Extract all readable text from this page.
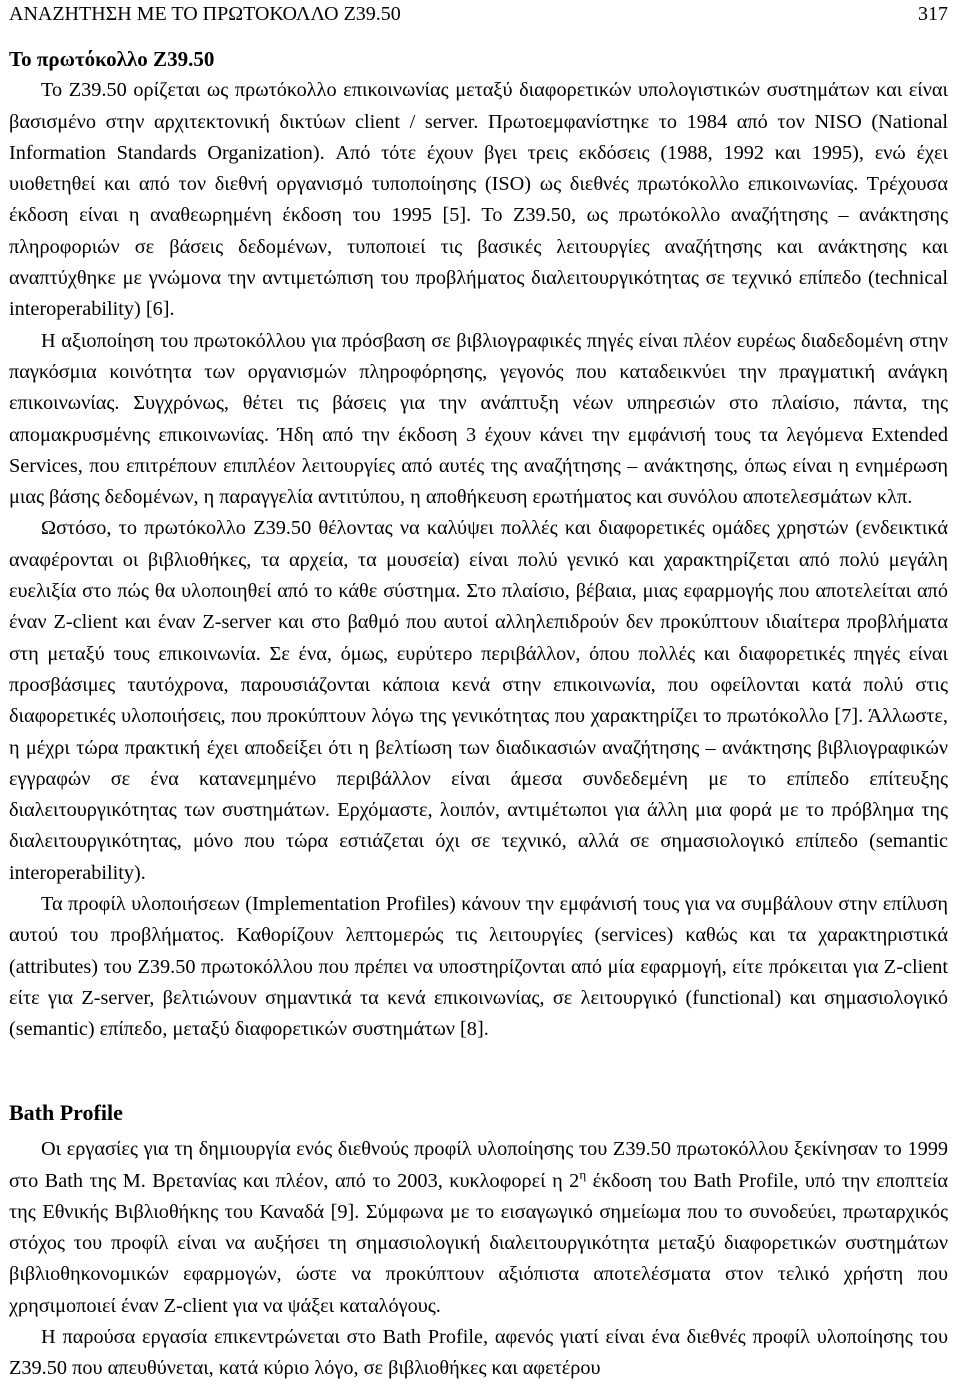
ΑΝΑΖΗΤΗΣΗ ΜΕ ΤΟ ΠΡΩΤΟΚΟΛΛΟ Z39.50	317
Το πρωτόκολλο Z39.50

Το Z39.50 ορίζεται ως πρωτόκολλο επικοινωνίας μεταξύ διαφορετικών υπολογιστικών συστημάτων και είναι βασισμένο στην αρχιτεκτονική δικτύων client / server. Πρωτοεμφανίστηκε το 1984 από τον NISO (National Information Standards Organization). Από τότε έχουν βγει τρεις εκδόσεις (1988, 1992 και 1995), ενώ έχει υιοθετηθεί και από τον διεθνή οργανισμό τυποποίησης (ISO) ως διεθνές πρωτόκολλο επικοινωνίας. Τρέχουσα έκδοση είναι η αναθεωρημένη έκδοση του 1995 [5]. Το Z39.50, ως πρωτόκολλο αναζήτησης – ανάκτησης πληροφοριών σε βάσεις δεδομένων, τυποποιεί τις βασικές λειτουργίες αναζήτησης και ανάκτησης και αναπτύχθηκε με γνώμονα την αντιμετώπιση του προβλήματος διαλειτουργικότητας σε τεχνικό επίπεδο (technical interoperability) [6].

Η αξιοποίηση του πρωτοκόλλου για πρόσβαση σε βιβλιογραφικές πηγές είναι πλέον ευρέως διαδεδομένη στην παγκόσμια κοινότητα των οργανισμών πληροφόρησης, γεγονός που καταδεικνύει την πραγματική ανάγκη επικοινωνίας. Συγχρόνως, θέτει τις βάσεις για την ανάπτυξη νέων υπηρεσιών στο πλαίσιο, πάντα, της απομακρυσμένης επικοινωνίας. Ήδη από την έκδοση 3 έχουν κάνει την εμφάνισή τους τα λεγόμενα Extended Services, που επιτρέπουν επιπλέον λειτουργίες από αυτές της αναζήτησης – ανάκτησης, όπως είναι η ενημέρωση μιας βάσης δεδομένων, η παραγγελία αντιτύπου, η αποθήκευση ερωτήματος και συνόλου αποτελεσμάτων κλπ.

Ωστόσο, το πρωτόκολλο Z39.50 θέλοντας να καλύψει πολλές και διαφορετικές ομάδες χρηστών (ενδεικτικά αναφέρονται οι βιβλιοθήκες, τα αρχεία, τα μουσεία) είναι πολύ γενικό και χαρακτηρίζεται από πολύ μεγάλη ευελιξία στο πώς θα υλοποιηθεί από το κάθε σύστημα. Στο πλαίσιο, βέβαια, μιας εφαρμογής που αποτελείται από έναν Z-client και έναν Z-server και στο βαθμό που αυτοί αλληλεπιδρούν δεν προκύπτουν ιδιαίτερα προβλήματα στη μεταξύ τους επικοινωνία. Σε ένα, όμως, ευρύτερο περιβάλλον, όπου πολλές και διαφορετικές πηγές είναι προσβάσιμες ταυτόχρονα, παρουσιάζονται κάποια κενά στην επικοινωνία, που οφείλονται κατά πολύ στις διαφορετικές υλοποιήσεις, που προκύπτουν λόγω της γενικότητας που χαρακτηρίζει το πρωτόκολλο [7]. Άλλωστε, η μέχρι τώρα πρακτική έχει αποδείξει ότι η βελτίωση των διαδικασιών αναζήτησης – ανάκτησης βιβλιογραφικών εγγραφών σε ένα κατανεμημένο περιβάλλον είναι άμεσα συνδεδεμένη με το επίπεδο επίτευξης διαλειτουργικότητας των συστημάτων. Ερχόμαστε, λοιπόν, αντιμέτωποι για άλλη μια φορά με το πρόβλημα της διαλειτουργικότητας, μόνο που τώρα εστιάζεται όχι σε τεχνικό, αλλά σε σημασιολογικό επίπεδο (semantic interoperability).

Τα προφίλ υλοποιήσεων (Implementation Profiles) κάνουν την εμφάνισή τους για να συμβάλουν στην επίλυση αυτού του προβλήματος. Καθορίζουν λεπτομερώς τις λειτουργίες (services) καθώς και τα χαρακτηριστικά (attributes) του Z39.50 πρωτοκόλλου που πρέπει να υποστηρίζονται από μία εφαρμογή, είτε πρόκειται για Z-client είτε για Z-server, βελτιώνουν σημαντικά τα κενά επικοινωνίας, σε λειτουργικό (functional) και σημασιολογικό (semantic) επίπεδο, μεταξύ διαφορετικών συστημάτων [8].

Bath Profile

Οι εργασίες για τη δημιουργία ενός διεθνούς προφίλ υλοποίησης του Z39.50 πρωτοκόλλου ξεκίνησαν το 1999 στο Bath της Μ. Βρετανίας και πλέον, από το 2003, κυκλοφορεί η $2^\eta$ έκδοση του Bath Profile, υπό την εποπτεία της Εθνικής Βιβλιοθήκης του Καναδά [9]. Σύμφωνα με το εισαγωγικό σημείωμα που το συνοδεύει, πρωταρχικός στόχος του προφίλ είναι να αυξήσει τη σημασιολογική διαλειτουργικότητα μεταξύ διαφορετικών συστημάτων βιβλιοθηκονομικών εφαρμογών, ώστε να προκύπτουν αξιόπιστα αποτελέσματα στον τελικό χρήστη που χρησιμοποιεί έναν Z-client για να ψάξει καταλόγους.

Η παρούσα εργασία επικεντρώνεται στο Bath Profile, αφενός γιατί είναι ένα διεθνές προφίλ υλοποίησης του Z39.50 που απευθύνεται, κατά κύριο λόγο, σε βιβλιοθήκες και αφετέρου
